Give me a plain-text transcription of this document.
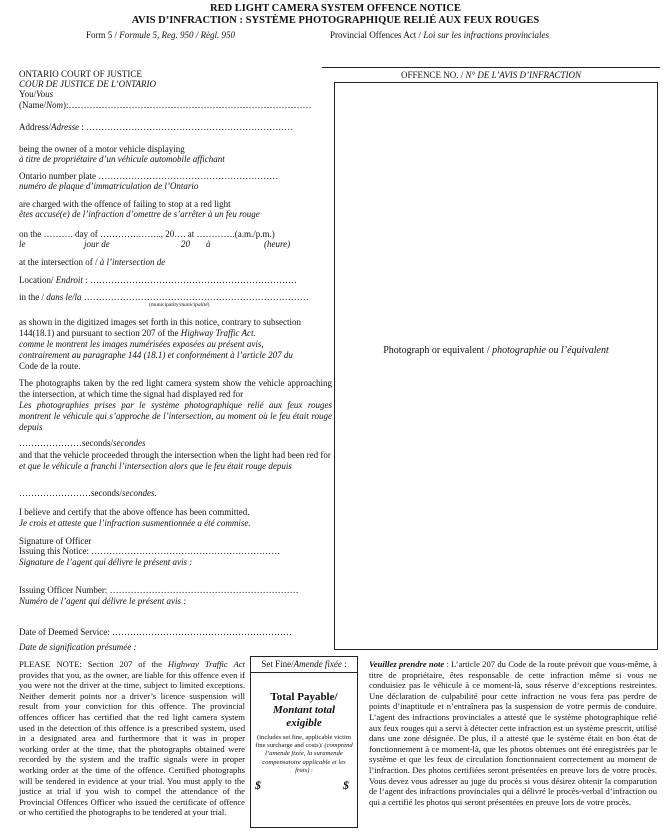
RED LIGHT CAMERA SYSTEM OFFENCE NOTICE
AVIS D’INFRACTION : SYSTÈME PHOTOGRAPHIQUE RELIÉ AUX FEUX ROUGES
Form 5 / Formule 5, Reg. 950 / Règl. 950	Provincial Offences Act / Loi sur les infractions provinciales
OFFENCE NO. / N° DE L’AVIS D’INFRACTION
Photograph or equivalent / photographie ou l’équivalent
ONTARIO COURT OF JUSTICE
COUR DE JUSTICE DE L’ONTARIO
You/Vous
(Name/Nom):………………………………………………………………………
Address/Adresse : ……………………………………………………………
being the owner of a motor vehicle displaying
à titre de propriétaire d’un véhicule automobile affichant
Ontario number plate ……………………………………………………
numéro de plaque d’immatriculation de l’Ontario
are charged with the offence of failing to stop at a red light
êtes accusé(e) de l’infraction d’omettre de s’arrêter à un feu rouge
on the ………. day of ………….…….., 20…. at ………….(a.m./p.m.)
le	jour de	20 à	(heure)
at the intersection of / à l’intersection de
Location/ Endroit : ……………………………………………………………
in the / dans le/la …………………………………………………………………
(municipality/municipalité)
as shown in the digitized images set forth in this notice, contrary to subsection
144(18.1) and pursuant to section 207 of the Highway Traffic Act.
comme le montrent les images numérisées exposées au présent avis,
contrairement au paragraphe 144 (18.1) et conformément à l’article 207 du
Code de la route.
The photographs taken by the red light camera system show the vehicle approaching the intersection, at which time the signal had displayed red for
Les photographies prises par le système photographique relié aux feux rouges montrent le véhicule qui s’approche de l’intersection, au moment où le feu était rouge depuis
…………………seconds/secondes
and that the vehicle proceeded through the intersection when the light had been red for
et que le véhicule a franchi l’intersection alors que le feu était rouge depuis
……………………seconds/secondes.
I believe and certify that the above offence has been committed.
Je crois et atteste que l’infraction susmentionnée a été commise.
Signature of Officer
Issuing this Notice: ………………………………………………………
Signature de l’agent qui délivre le présent avis :
Issuing Officer Number: ………………………………………………………
Numéro de l’agent qui délivre le présent avis :
Date of Deemed Service: ……………………………………………………
Date de signification présumée :
PLEASE NOTE: Section 207 of the Highway Traffic Act provides that you, as the owner, are liable for this offence even if you were not the driver at the time, subject to limited exceptions. Neither demerit points nor a driver’s licence suspension will result from your conviction for this offence. The provincial offences officer has certified that the red light camera system used in the detection of this offence is a prescribed system, used in a designated area and furthermore that it was in proper working order at the time, that the photographs obtained were recorded by the system and the traffic signals were in proper working order at the time of the offence. Certified photographs will be tendered in evidence at your trial. You must apply to the justice at trial if you wish to compel the attendance of the Provincial Offences Officer who issued the certificate of offence or who certified the photographs to be tendered at your trial.
Set Fine/Amende fixée :
Total Payable/
Montant total
exigible
(includes set fine, applicable victim fine surcharge and costs)/ (comprend l’amende fixée, la suramende compensatoire applicable et les frais) :
$	$
Veuillez prendre note : L’article 207 du Code de la route prévoit que vous-même, à titre de propriétaire, êtes responsable de cette infraction même si vous ne conduisiez pas le véhicule à ce moment-là, sous réserve d’exceptions restreintes. Une déclaration de culpabilité pour cette infraction ne vous fera pas perdre de points d’inaptitude et n’entraînera pas la suspension de votre permis de conduire. L’agent des infractions provinciales a attesté que le système photographique relié aux feux rouges qui a servi à détecter cette infraction est un système prescrit, utilisé dans une zone désignée. De plus, il a attesté que le système était en bon état de fonctionnement à ce moment-là, que les photos obtenues ont été enregistrées par le système et que les feux de circulation fonctionnaient correctement au moment de l’infraction. Des photos certifiées seront présentées en preuve lors de votre procès. Vous devez vous adresser au juge du procès si vous désirez obtenir la comparution de l’agent des infractions provinciales qui a délivré le procès-verbal d’infraction ou qui a certifié les photos qui seront présentées en preuve lors de votre procès.
